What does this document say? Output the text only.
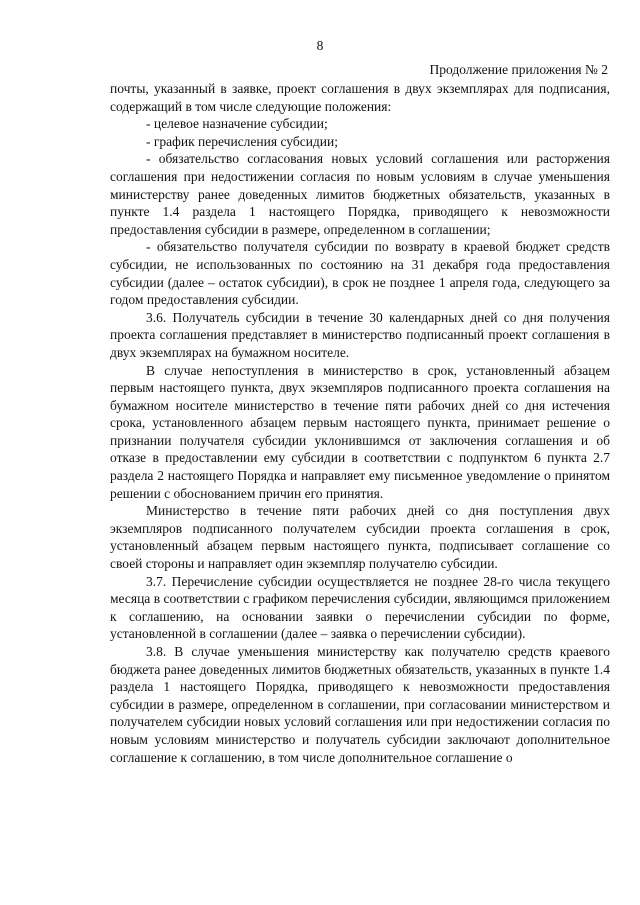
8
Продолжение приложения № 2

почты, указанный в заявке, проект соглашения в двух экземплярах для подписания, содержащий в том числе следующие положения:

- целевое назначение субсидии;

- график перечисления субсидии;

- обязательство согласования новых условий соглашения или расторжения соглашения при недостижении согласия по новым условиям в случае уменьшения министерству ранее доведенных лимитов бюджетных обязательств, указанных в пункте 1.4 раздела 1 настоящего Порядка, приводящего к невозможности предоставления субсидии в размере, определенном в соглашении;

- обязательство получателя субсидии по возврату в краевой бюджет средств субсидии, не использованных по состоянию на 31 декабря года предоставления субсидии (далее – остаток субсидии), в срок не позднее 1 апреля года, следующего за годом предоставления субсидии.

3.6. Получатель субсидии в течение 30 календарных дней со дня получения проекта соглашения представляет в министерство подписанный проект соглашения в двух экземплярах на бумажном носителе.

В случае непоступления в министерство в срок, установленный абзацем первым настоящего пункта, двух экземпляров подписанного проекта соглашения на бумажном носителе министерство в течение пяти рабочих дней со дня истечения срока, установленного абзацем первым настоящего пункта, принимает решение о признании получателя субсидии уклонившимся от заключения соглашения и об отказе в предоставлении ему субсидии в соответствии с подпунктом 6 пункта 2.7 раздела 2 настоящего Порядка и направляет ему письменное уведомление о принятом решении с обоснованием причин его принятия.

Министерство в течение пяти рабочих дней со дня поступления двух экземпляров подписанного получателем субсидии проекта соглашения в срок, установленный абзацем первым настоящего пункта, подписывает соглашение со своей стороны и направляет один экземпляр получателю субсидии.

3.7. Перечисление субсидии осуществляется не позднее 28-го числа текущего месяца в соответствии с графиком перечисления субсидии, являющимся приложением к соглашению, на основании заявки о перечислении субсидии по форме, установленной в соглашении (далее – заявка о перечислении субсидии).

3.8. В случае уменьшения министерству как получателю средств краевого бюджета ранее доведенных лимитов бюджетных обязательств, указанных в пункте 1.4 раздела 1 настоящего Порядка, приводящего к невозможности предоставления субсидии в размере, определенном в соглашении, при согласовании министерством и получателем субсидии новых условий соглашения или при недостижении согласия по новым условиям министерство и получатель субсидии заключают дополнительное соглашение к соглашению, в том числе дополнительное соглашение о
